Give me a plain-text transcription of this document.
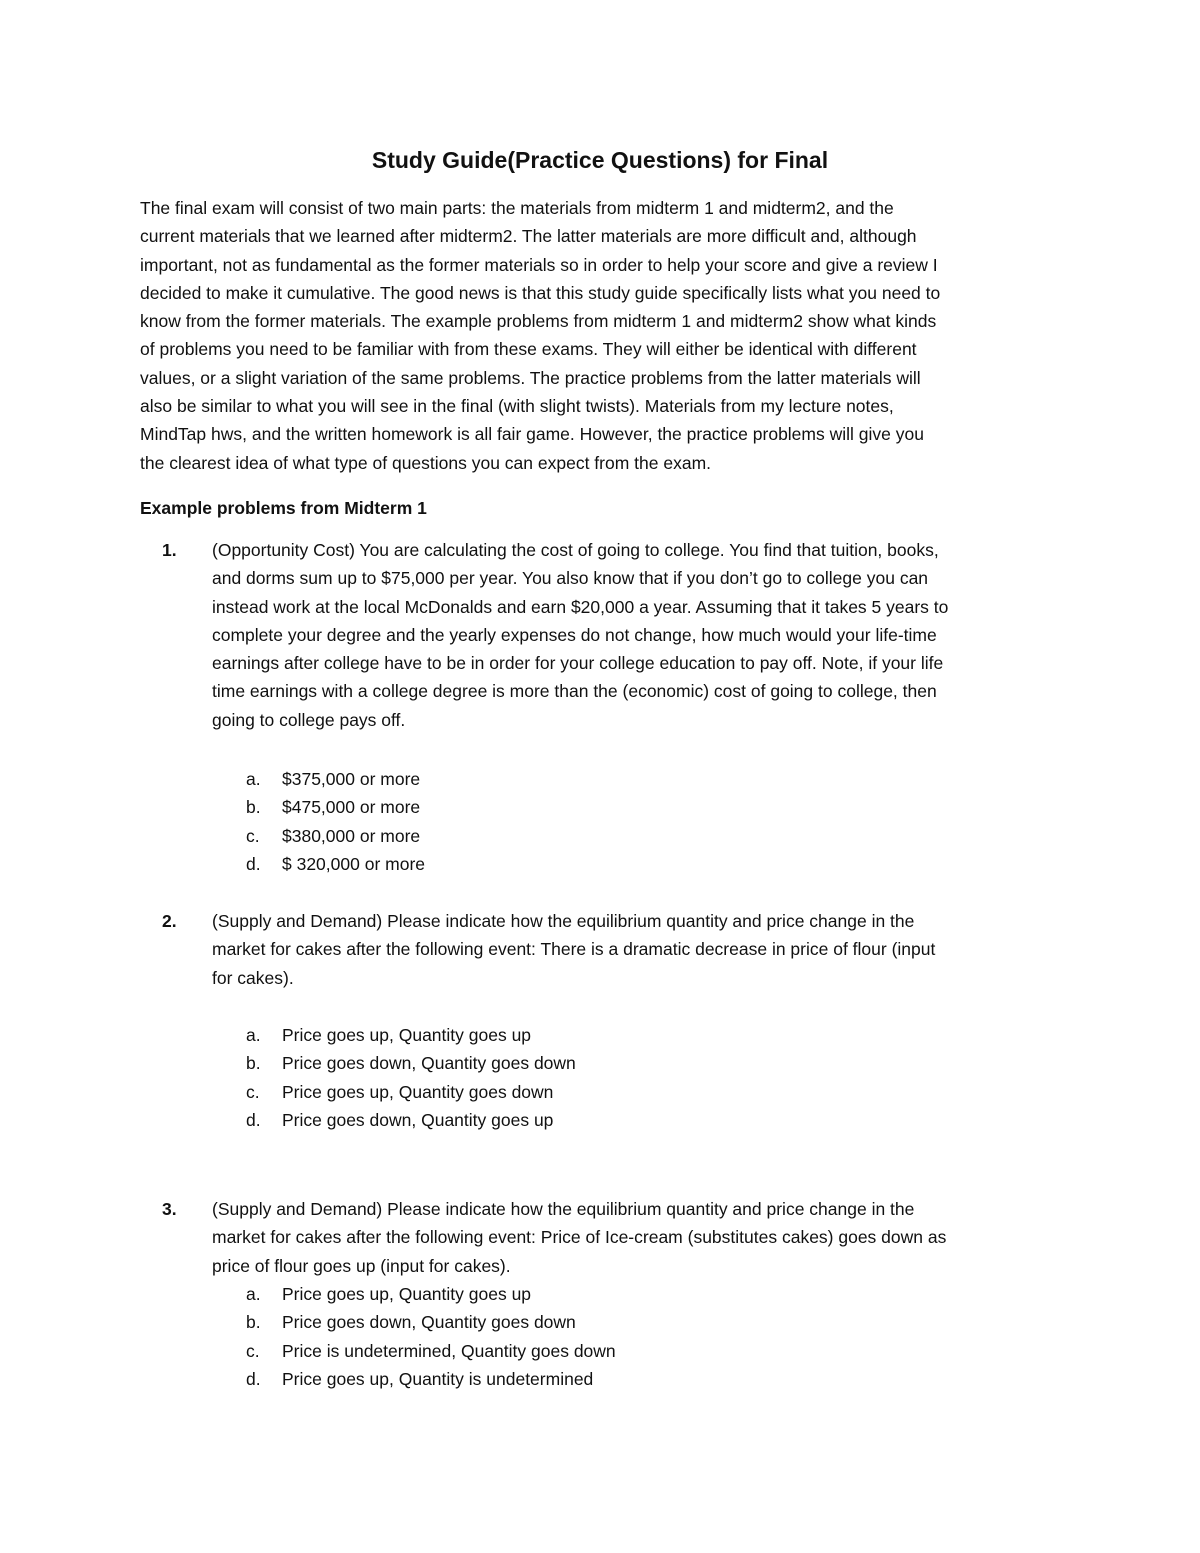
Study Guide(Practice Questions) for Final
The final exam will consist of two main parts: the materials from midterm 1 and midterm2, and the
current materials that we learned after midterm2. The latter materials are more difficult and, although
important, not as fundamental as the former materials so in order to help your score and give a review I
decided to make it cumulative. The good news is that this study guide specifically lists what you need to
know from the former materials. The example problems from midterm 1 and midterm2 show what kinds
of problems you need to be familiar with from these exams. They will either be identical with different
values, or a slight variation of the same problems. The practice problems from the latter materials will
also be similar to what you will see in the final (with slight twists). Materials from my lecture notes,
MindTap hws, and the written homework is all fair game. However, the practice problems will give you
the clearest idea of what type of questions you can expect from the exam.
Example problems from Midterm 1
1. (Opportunity Cost) You are calculating the cost of going to college. You find that tuition, books,
and dorms sum up to $75,000 per year. You also know that if you don’t go to college you can
instead work at the local McDonalds and earn $20,000 a year. Assuming that it takes 5 years to
complete your degree and the yearly expenses do not change, how much would your life-time
earnings after college have to be in order for your college education to pay off. Note, if your life
time earnings with a college degree is more than the (economic) cost of going to college, then
going to college pays off.
a. $375,000 or more
b. $475,000 or more
c. $380,000 or more
d. $ 320,000 or more
2. (Supply and Demand) Please indicate how the equilibrium quantity and price change in the
market for cakes after the following event: There is a dramatic decrease in price of flour (input
for cakes).
a. Price goes up, Quantity goes up
b. Price goes down, Quantity goes down
c. Price goes up, Quantity goes down
d. Price goes down, Quantity goes up
3. (Supply and Demand) Please indicate how the equilibrium quantity and price change in the
market for cakes after the following event: Price of Ice-cream (substitutes cakes) goes down as
price of flour goes up (input for cakes).
a. Price goes up, Quantity goes up
b. Price goes down, Quantity goes down
c. Price is undetermined, Quantity goes down
d. Price goes up, Quantity is undetermined
